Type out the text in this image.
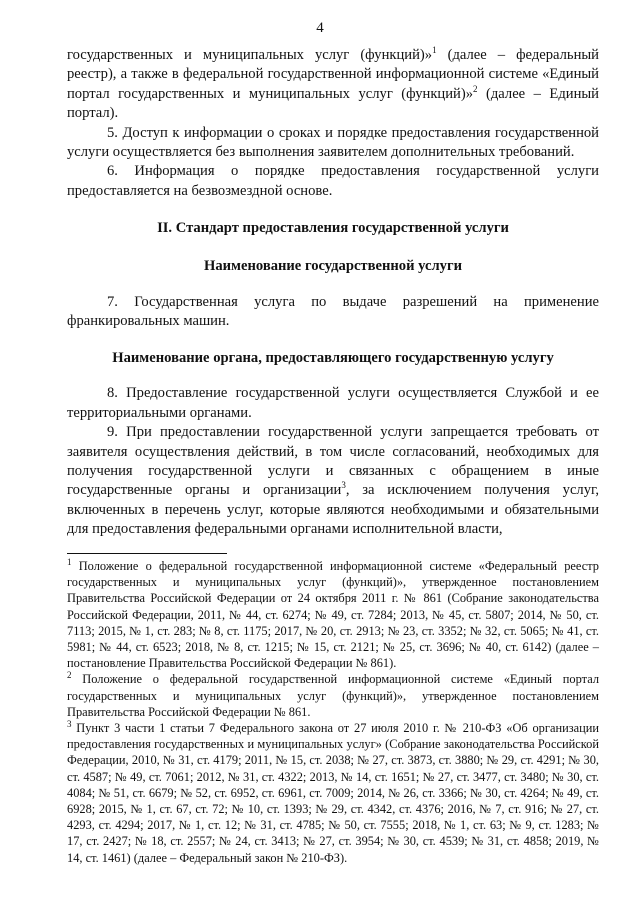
4

государственных и муниципальных услуг (функций)»$^1$ (далее – федеральный реестр), а также в федеральной государственной информационной системе «Единый портал государственных и муниципальных услуг (функций)»$^2$ (далее – Единый портал).

5. Доступ к информации о сроках и порядке предоставления государственной услуги осуществляется без выполнения заявителем дополнительных требований.

6. Информация о порядке предоставления государственной услуги предоставляется на безвозмездной основе.

II. Стандарт предоставления государственной услуги

Наименование государственной услуги

7. Государственная услуга по выдаче разрешений на применение франкировальных машин.

Наименование органа, предоставляющего государственную услугу

8. Предоставление государственной услуги осуществляется Службой и ее территориальными органами.

9. При предоставлении государственной услуги запрещается требовать от заявителя осуществления действий, в том числе согласований, необходимых для получения государственной услуги и связанных с обращением в иные государственные органы и организации$^3$, за исключением получения услуг, включенных в перечень услуг, которые являются необходимыми и обязательными для предоставления федеральными органами исполнительной власти,

$^1$ Положение о федеральной государственной информационной системе «Федеральный реестр государственных и муниципальных услуг (функций)», утвержденное постановлением Правительства Российской Федерации от 24 октября 2011 г. № 861 (Собрание законодательства Российской Федерации, 2011, № 44, ст. 6274; № 49, ст. 7284; 2013, № 45, ст. 5807; 2014, № 50, ст. 7113; 2015, № 1, ст. 283; № 8, ст. 1175; 2017, № 20, ст. 2913; № 23, ст. 3352; № 32, ст. 5065; № 41, ст. 5981; № 44, ст. 6523; 2018, № 8, ст. 1215; № 15, ст. 2121; № 25, ст. 3696; № 40, ст. 6142) (далее – постановление Правительства Российской Федерации № 861).

$^2$ Положение о федеральной государственной информационной системе «Единый портал государственных и муниципальных услуг (функций)», утвержденное постановлением Правительства Российской Федерации № 861.

$^3$ Пункт 3 части 1 статьи 7 Федерального закона от 27 июля 2010 г. № 210-ФЗ «Об организации предоставления государственных и муниципальных услуг» (Собрание законодательства Российской Федерации, 2010, № 31, ст. 4179; 2011, № 15, ст. 2038; № 27, ст. 3873, ст. 3880; № 29, ст. 4291; № 30, ст. 4587; № 49, ст. 7061; 2012, № 31, ст. 4322; 2013, № 14, ст. 1651; № 27, ст. 3477, ст. 3480; № 30, ст. 4084; № 51, ст. 6679; № 52, ст. 6952, ст. 6961, ст. 7009; 2014, № 26, ст. 3366; № 30, ст. 4264; № 49, ст. 6928; 2015, № 1, ст. 67, ст. 72; № 10, ст. 1393; № 29, ст. 4342, ст. 4376; 2016, № 7, ст. 916; № 27, ст. 4293, ст. 4294; 2017, № 1, ст. 12; № 31, ст. 4785; № 50, ст. 7555; 2018, № 1, ст. 63; № 9, ст. 1283; № 17, ст. 2427; № 18, ст. 2557; № 24, ст. 3413; № 27, ст. 3954; № 30, ст. 4539; № 31, ст. 4858; 2019, № 14, ст. 1461) (далее – Федеральный закон № 210-ФЗ).
